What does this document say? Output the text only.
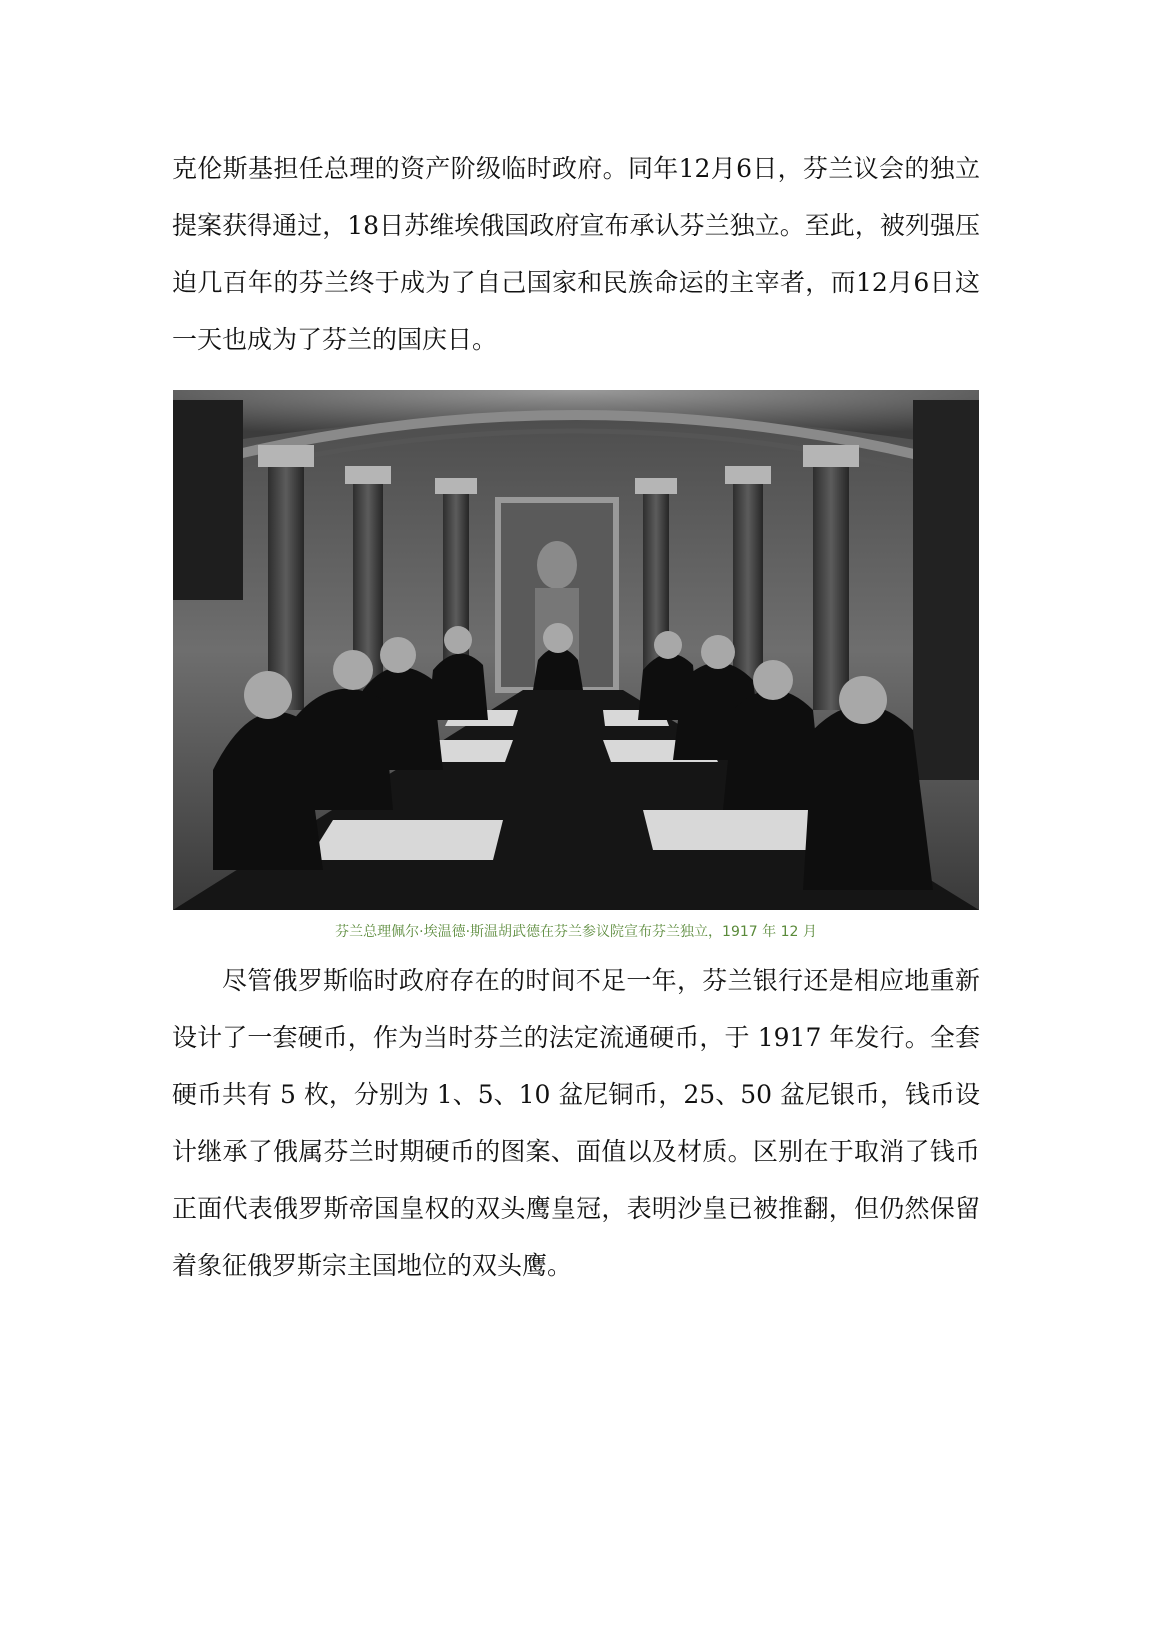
克伦斯基担任总理的资产阶级临时政府。同年12月6日，芬兰议会的独立提案获得通过，18日苏维埃俄国政府宣布承认芬兰独立。至此，被列强压迫几百年的芬兰终于成为了自己国家和民族命运的主宰者，而12月6日这一天也成为了芬兰的国庆日。

芬兰总理佩尔·埃温德·斯温胡武德在芬兰参议院宣布芬兰独立，1917 年 12 月

尽管俄罗斯临时政府存在的时间不足一年，芬兰银行还是相应地重新设计了一套硬币，作为当时芬兰的法定流通硬币，于 1917 年发行。全套硬币共有 5 枚，分别为 1、5、10 盆尼铜币，25、50 盆尼银币，钱币设计继承了俄属芬兰时期硬币的图案、面值以及材质。区别在于取消了钱币正面代表俄罗斯帝国皇权的双头鹰皇冠，表明沙皇已被推翻，但仍然保留着象征俄罗斯宗主国地位的双头鹰。
